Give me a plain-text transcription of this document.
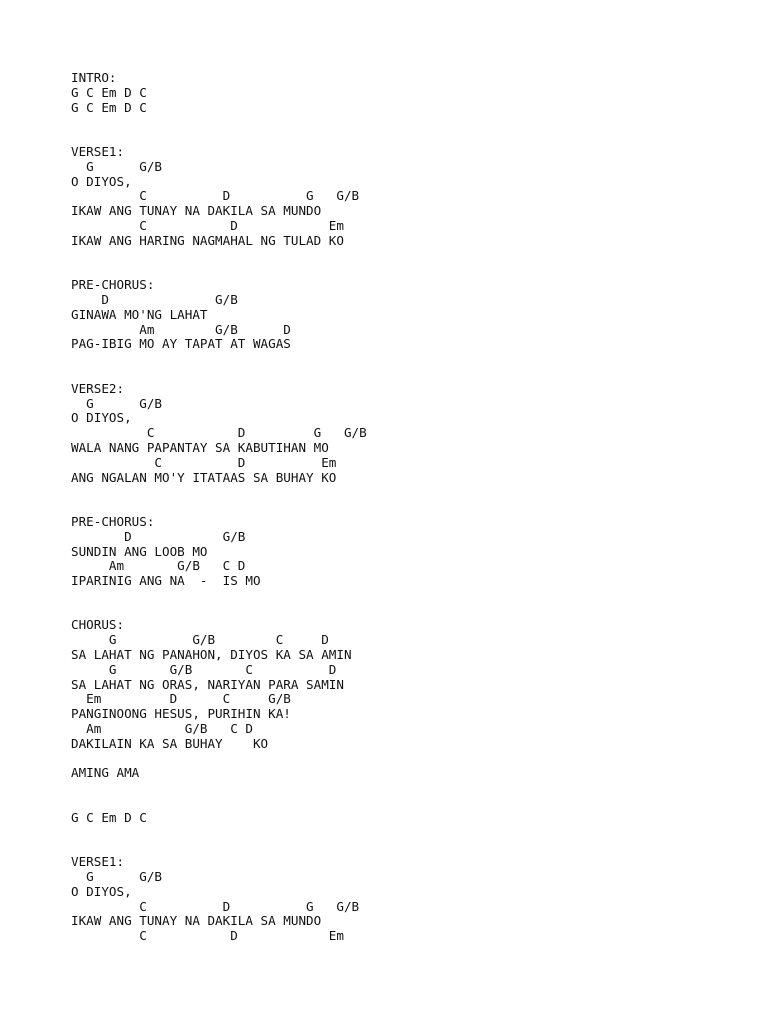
INTRO:
G C Em D C
G C Em D C
VERSE1:
G      G/B
O DIYOS,
C          D          G   G/B
IKAW ANG TUNAY NA DAKILA SA MUNDO
C           D            Em
IKAW ANG HARING NAGMAHAL NG TULAD KO
PRE-CHORUS:
D              G/B
GINAWA MO'NG LAHAT
Am        G/B      D
PAG-IBIG MO AY TAPAT AT WAGAS
VERSE2:
G      G/B
O DIYOS,
C           D         G   G/B
WALA NANG PAPANTAY SA KABUTIHAN MO
C          D          Em
ANG NGALAN MO'Y ITATAAS SA BUHAY KO
PRE-CHORUS:
D            G/B
SUNDIN ANG LOOB MO
Am       G/B   C D
IPARINIG ANG NA  -  IS MO
CHORUS:
G          G/B        C     D
SA LAHAT NG PANAHON, DIYOS KA SA AMIN
G       G/B       C          D
SA LAHAT NG ORAS, NARIYAN PARA SAMIN
Em         D      C     G/B
PANGINOONG HESUS, PURIHIN KA!
Am           G/B   C D
DAKILAIN KA SA BUHAY    KO
AMING AMA
G C Em D C
VERSE1:
G      G/B
O DIYOS,
C          D          G   G/B
IKAW ANG TUNAY NA DAKILA SA MUNDO
C           D            Em
